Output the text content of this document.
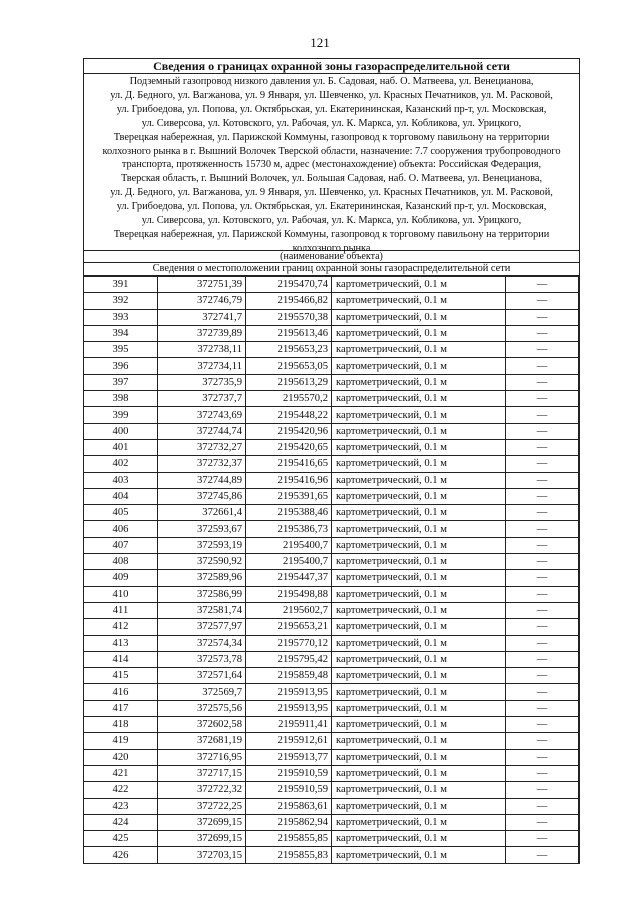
121
Сведения о границах охранной зоны газораспределительной сети
Подземный газопровод низкого давления ул. Б. Садовая, наб. О. Матвеева, ул. Венецианова,
ул. Д. Бедного, ул. Вагжанова, ул. 9 Января, ул. Шевченко, ул. Красных Печатников, ул. М. Расковой,
ул. Грибоедова, ул. Попова, ул. Октябрьская, ул. Екатерининская, Казанский пр-т, ул. Московская,
ул. Сиверсова, ул. Котовского, ул. Рабочая, ул. К. Маркса, ул. Кобликова, ул. Урицкого,
Тверецкая набережная, ул. Парижской Коммуны, газопровод к торговому павильону на территории
колхозного рынка в г. Вышний Волочек Тверской области, назначение: 7.7 сооружения трубопроводного
транспорта, протяженность 15730 м, адрес (местонахождение) объекта: Российская Федерация,
Тверская область, г. Вышний Волочек, ул. Большая Садовая, наб. О. Матвеева, ул. Венецианова,
ул. Д. Бедного, ул. Вагжанова, ул. 9 Января, ул. Шевченко, ул. Красных Печатников, ул. М. Расковой,
ул. Грибоедова, ул. Попова, ул. Октябрьская, ул. Екатерининская, Казанский пр-т, ул. Московская,
ул. Сиверсова, ул. Котовского, ул. Рабочая, ул. К. Маркса, ул. Кобликова, ул. Урицкого,
Тверецкая набережная, ул. Парижской Коммуны, газопровод к торговому павильону на территории
колхозного рынка
(наименование объекта)
Сведения о местоположении границ охранной зоны газораспределительной сети
391	372751,39	2195470,74	картометрический, 0.1 м	—
392	372746,79	2195466,82	картометрический, 0.1 м	—
393	372741,7	2195570,38	картометрический, 0.1 м	—
394	372739,89	2195613,46	картометрический, 0.1 м	—
395	372738,11	2195653,23	картометрический, 0.1 м	—
396	372734,11	2195653,05	картометрический, 0.1 м	—
397	372735,9	2195613,29	картометрический, 0.1 м	—
398	372737,7	2195570,2	картометрический, 0.1 м	—
399	372743,69	2195448,22	картометрический, 0.1 м	—
400	372744,74	2195420,96	картометрический, 0.1 м	—
401	372732,27	2195420,65	картометрический, 0.1 м	—
402	372732,37	2195416,65	картометрический, 0.1 м	—
403	372744,89	2195416,96	картометрический, 0.1 м	—
404	372745,86	2195391,65	картометрический, 0.1 м	—
405	372661,4	2195388,46	картометрический, 0.1 м	—
406	372593,67	2195386,73	картометрический, 0.1 м	—
407	372593,19	2195400,7	картометрический, 0.1 м	—
408	372590,92	2195400,7	картометрический, 0.1 м	—
409	372589,96	2195447,37	картометрический, 0.1 м	—
410	372586,99	2195498,88	картометрический, 0.1 м	—
411	372581,74	2195602,7	картометрический, 0.1 м	—
412	372577,97	2195653,21	картометрический, 0.1 м	—
413	372574,34	2195770,12	картометрический, 0.1 м	—
414	372573,78	2195795,42	картометрический, 0.1 м	—
415	372571,64	2195859,48	картометрический, 0.1 м	—
416	372569,7	2195913,95	картометрический, 0.1 м	—
417	372575,56	2195913,95	картометрический, 0.1 м	—
418	372602,58	2195911,41	картометрический, 0.1 м	—
419	372681,19	2195912,61	картометрический, 0.1 м	—
420	372716,95	2195913,77	картометрический, 0.1 м	—
421	372717,15	2195910,59	картометрический, 0.1 м	—
422	372722,32	2195910,59	картометрический, 0.1 м	—
423	372722,25	2195863,61	картометрический, 0.1 м	—
424	372699,15	2195862,94	картометрический, 0.1 м	—
425	372699,15	2195855,85	картометрический, 0.1 м	—
426	372703,15	2195855,83	картометрический, 0.1 м	—
